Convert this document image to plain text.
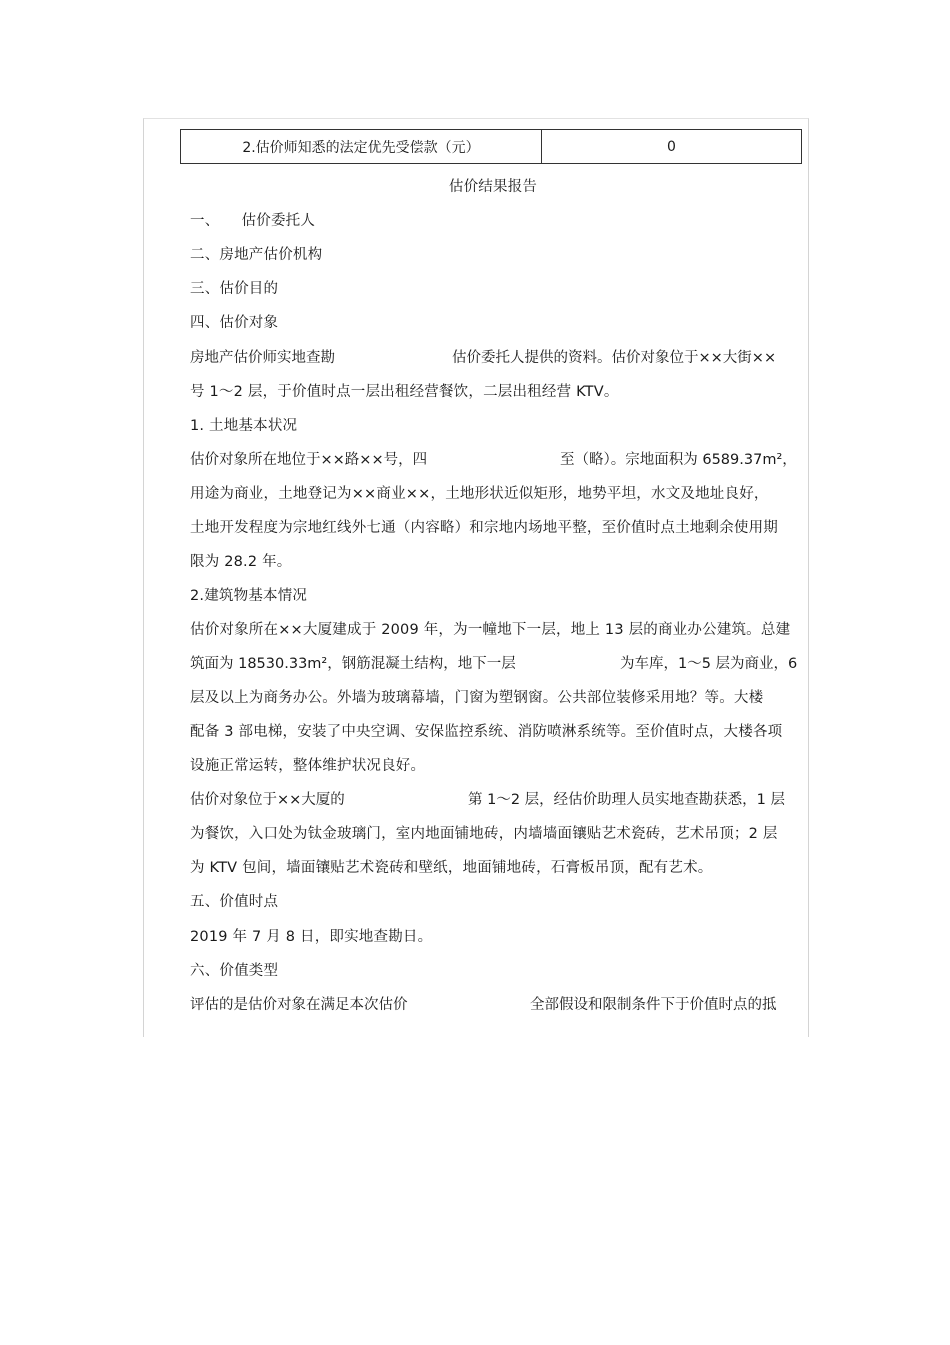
2.估价师知悉的法定优先受偿款（元）	0
估价结果报告
一、　　估价委托人
二、房地产估价机构
三、估价目的
四、估价对象
房地产估价师实地查勘	估价委托人提供的资料。估价对象位于××大街××
号 1～2 层，于价值时点一层出租经营餐饮，二层出租经营 KTV。
1. 土地基本状况
估价对象所在地位于××路××号，四	至（略）。宗地面积为 6589.37m²，
用途为商业，土地登记为××商业××，土地形状近似矩形，地势平坦，水文及地址良好，
土地开发程度为宗地红线外七通（内容略）和宗地内场地平整，至价值时点土地剩余使用期
限为 28.2 年。
2.建筑物基本情况
估价对象所在××大厦建成于 2009 年，为一幢地下一层，地上 13 层的商业办公建筑。总建
筑面为 18530.33m²，钢筋混凝土结构，地下一层	为车库，1～5 层为商业，6
层及以上为商务办公。外墙为玻璃幕墙，门窗为塑钢窗。公共部位装修采用地？等。大楼
配备 3 部电梯，安装了中央空调、安保监控系统、消防喷淋系统等。至价值时点，大楼各项
设施正常运转，整体维护状况良好。
估价对象位于××大厦的	第 1～2 层，经估价助理人员实地查勘获悉，1 层
为餐饮，入口处为钛金玻璃门，室内地面铺地砖，内墙墙面镶贴艺术瓷砖，艺术吊顶；2 层
为 KTV 包间，墙面镶贴艺术瓷砖和壁纸，地面铺地砖，石膏板吊顶，配有艺术。
五、价值时点
2019 年 7 月 8 日，即实地查勘日。
六、价值类型
评估的是估价对象在满足本次估价	全部假设和限制条件下于价值时点的抵
